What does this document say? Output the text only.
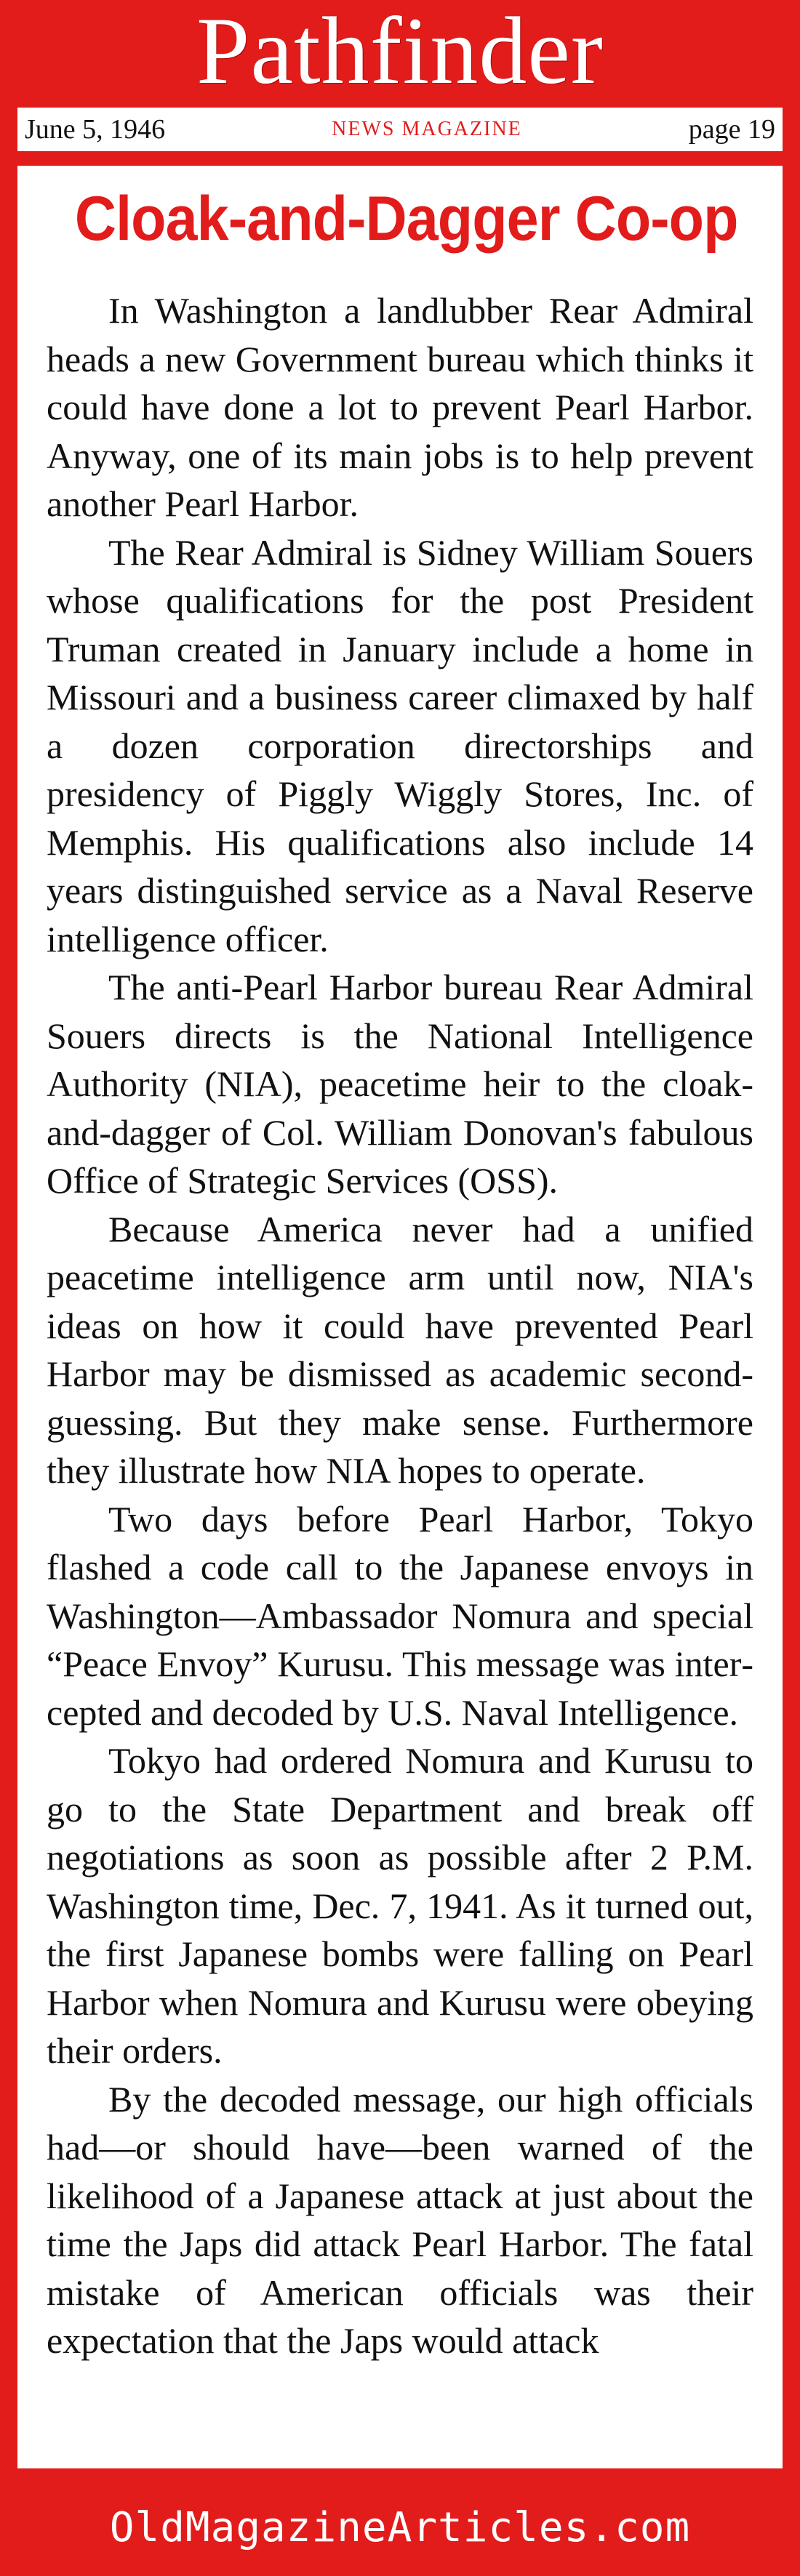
Pathfinder
June 5, 1946	NEWS MAGAZINE	page 19
Cloak-and-Dagger Co-op

In Washington a landlubber Rear Admiral heads a new Government bureau which thinks it could have done a lot to prevent Pearl Harbor. Anyway, one of its main jobs is to help prevent another Pearl Harbor.

The Rear Admiral is Sidney William Souers whose qualifications for the post President Truman created in January include a home in Missouri and a business career climaxed by half a dozen corporation directorships and presidency of Piggly Wiggly Stores, Inc. of Memphis. His qualifications also include 14 years distinguished service as a Naval Reserve intelligence officer.

The anti-Pearl Harbor bureau Rear Admiral Souers directs is the National Intelligence Authority (NIA), peacetime heir to the cloak-and-dagger of Col. William Donovan's fabulous Office of Strategic Services (OSS).

Because America never had a unified peacetime intelligence arm until now, NIA's ideas on how it could have prevented Pearl Harbor may be dismissed as academic second-guessing. But they make sense. Furthermore they illustrate how NIA hopes to operate.

Two days before Pearl Harbor, Tokyo flashed a code call to the Japanese envoys in Washington—Ambassador Nomura and special “Peace Envoy” Kurusu. This message was intercepted and decoded by U.S. Naval Intelligence.

Tokyo had ordered Nomura and Kurusu to go to the State Department and break off negotiations as soon as possible after 2 P.M. Washington time, Dec. 7, 1941. As it turned out, the first Japanese bombs were falling on Pearl Harbor when Nomura and Kurusu were obeying their orders.

By the decoded message, our high officials had—or should have—been warned of the likelihood of a Japanese attack at just about the time the Japs did attack Pearl Harbor. The fatal mistake of American officials was their expectation that the Japs would attack

OldMagazineArticles.com
